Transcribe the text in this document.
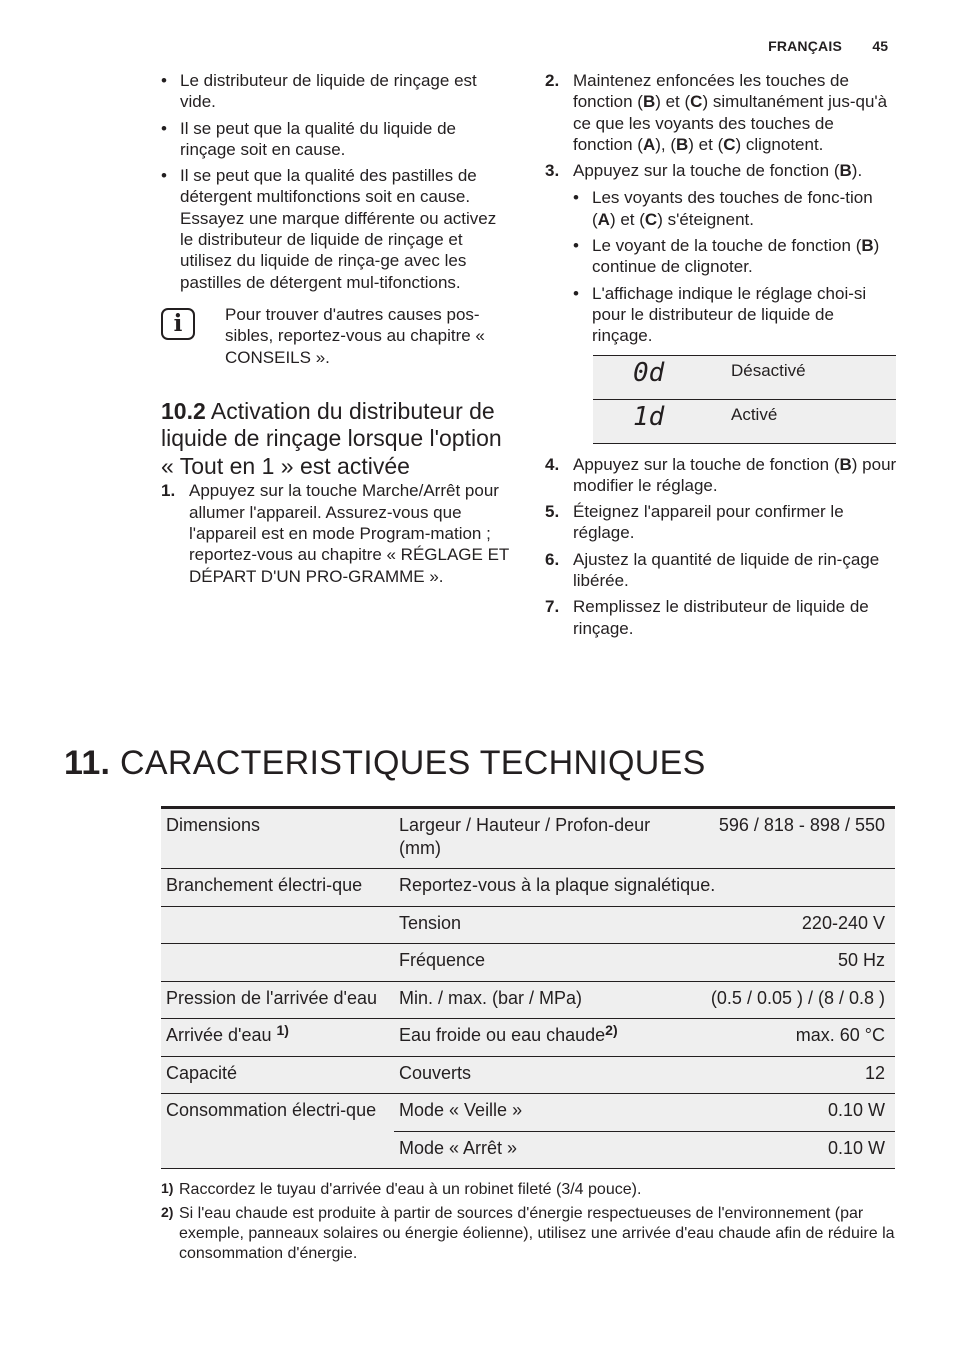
FRANÇAIS 45
• Le distributeur de liquide de rinçage est vide.
• Il se peut que la qualité du liquide de rinçage soit en cause.
• Il se peut que la qualité des pastilles de détergent multifonctions soit en cause. Essayez une marque différente ou activez le distributeur de liquide de rinçage et utilisez du liquide de rinça-ge avec les pastilles de détergent mul-tifonctions.
i	Pour trouver d'autres causes pos-sibles, reportez-vous au chapitre « CONSEILS ».
10.2 Activation du distributeur de liquide de rinçage lorsque l'option « Tout en 1 » est activée
1. Appuyez sur la touche Marche/Arrêt pour allumer l'appareil. Assurez-vous que l'appareil est en mode Program-mation ; reportez-vous au chapitre « RÉGLAGE ET DÉPART D'UN PRO-GRAMME ».
2. Maintenez enfoncées les touches de fonction (B) et (C) simultanément jus-qu'à ce que les voyants des touches de fonction (A), (B) et (C) clignotent.
3. Appuyez sur la touche de fonction (B).
• Les voyants des touches de fonc-tion (A) et (C) s'éteignent.
• Le voyant de la touche de fonction (B) continue de clignoter.
• L'affichage indique le réglage choi-si pour le distributeur de liquide de rinçage.
0d	Désactivé
1d	Activé
4. Appuyez sur la touche de fonction (B) pour modifier le réglage.
5. Éteignez l'appareil pour confirmer le réglage.
6. Ajustez la quantité de liquide de rin-çage libérée.
7. Remplissez le distributeur de liquide de rinçage.
11. CARACTERISTIQUES TECHNIQUES
Dimensions	Largeur / Hauteur / Profon-deur (mm)	596 / 818 - 898 / 550
Branchement électri-que	Reportez-vous à la plaque signalétique.	
	Tension	220-240 V
	Fréquence	50 Hz
Pression de l'arrivée d'eau	Min. / max. (bar / MPa)	(0.5 / 0.05 ) / (8 / 0.8 )
Arrivée d'eau $^{1)}$	Eau froide ou eau chaude$^{2)}$	max. 60 °C
Capacité	Couverts	12
Consommation électri-que	Mode « Veille »	0.10 W
	Mode « Arrêt »	0.10 W
1) Raccordez le tuyau d'arrivée d'eau à un robinet fileté (3/4 pouce).
2) Si l'eau chaude est produite à partir de sources d'énergie respectueuses de l'environnement (par exemple, panneaux solaires ou énergie éolienne), utilisez une arrivée d'eau chaude afin de réduire la consommation d'énergie.
